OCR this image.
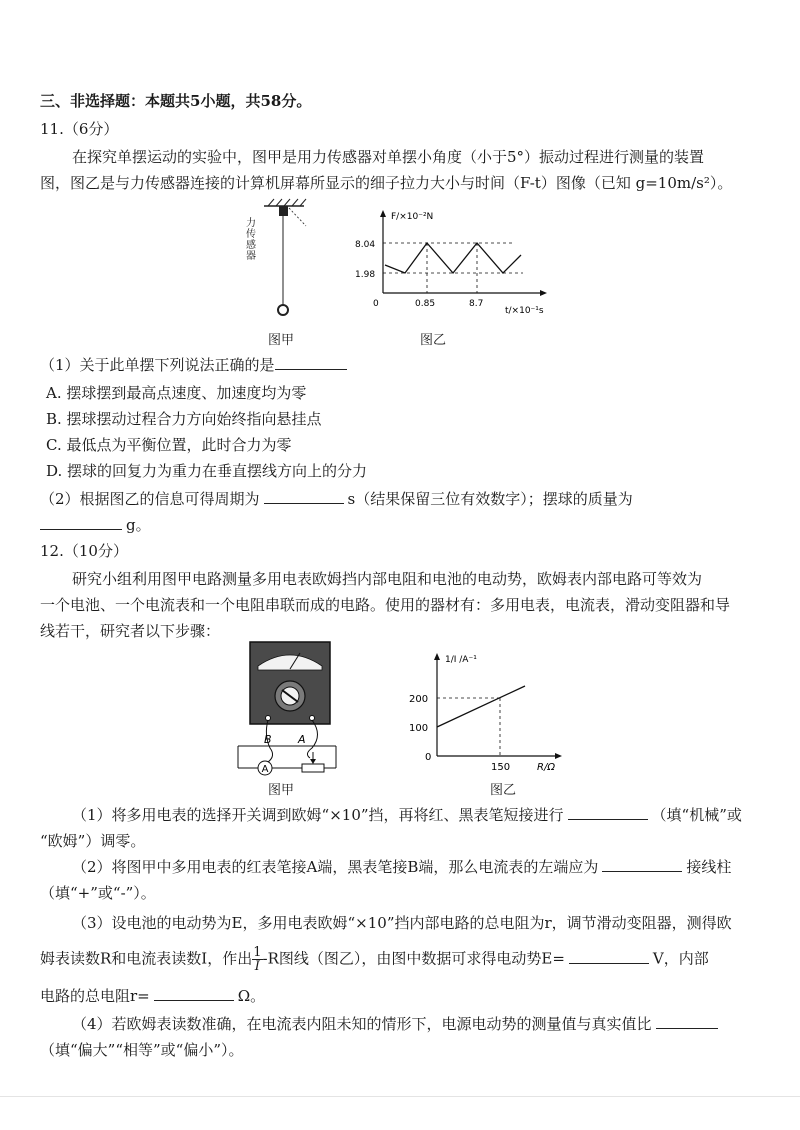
三、非选择题：本题共5小题，共58分。
11.（6分）
在探究单摆运动的实验中，图甲是用力传感器对单摆小角度（小于5°）振动过程进行测量的装置
图，图乙是与力传感器连接的计算机屏幕所显示的细子拉力大小与时间（F-t）图像（已知 g=10m/s²）。
力传感器
图甲
F/×10⁻²N
t/×10⁻¹s
0
8.04
1.98
0.85	8.7
图乙
（1）关于此单摆下列说法正确的是
A. 摆球摆到最高点速度、加速度均为零
B. 摆球摆动过程合力方向始终指向悬挂点
C. 最低点为平衡位置，此时合力为零
D. 摆球的回复力为重力在垂直摆线方向上的分力
（2）根据图乙的信息可得周期为	s（结果保留三位有效数字）；摆球的质量为
g。
12.（10分）
研究小组利用图甲电路测量多用电表欧姆挡内部电阻和电池的电动势，欧姆表内部电路可等效为
一个电池、一个电流表和一个电阻串联而成的电路。使用的器材有：多用电表，电流表，滑动变阻器和导
线若干，研究者以下步骤：
A
B A
图甲
1/I /A⁻¹
R/Ω
0
200
100
150
图乙
（1）将多用电表的选择开关调到欧姆“×10”挡，再将红、黑表笔短接进行	（填“机械”或
“欧姆”）调零。
（2）将图甲中多用电表的红表笔接A端，黑表笔接B端，那么电流表的左端应为	接线柱
（填“+”或“-”）。
（3）设电池的电动势为E，多用电表欧姆“×10”挡内部电路的总电阻为r，调节滑动变阻器，测得欧
姆表读数R和电流表读数I，作出 $\frac{1}{I} -R$图线（图乙），由图中数据可求得电动势E=	V，内部
电路的总电阻r=	Ω。
（4）若欧姆表读数准确，在电流表内阻未知的情形下，电源电动势的测量值与真实值比
（填“偏大”“相等”或“偏小”）。
